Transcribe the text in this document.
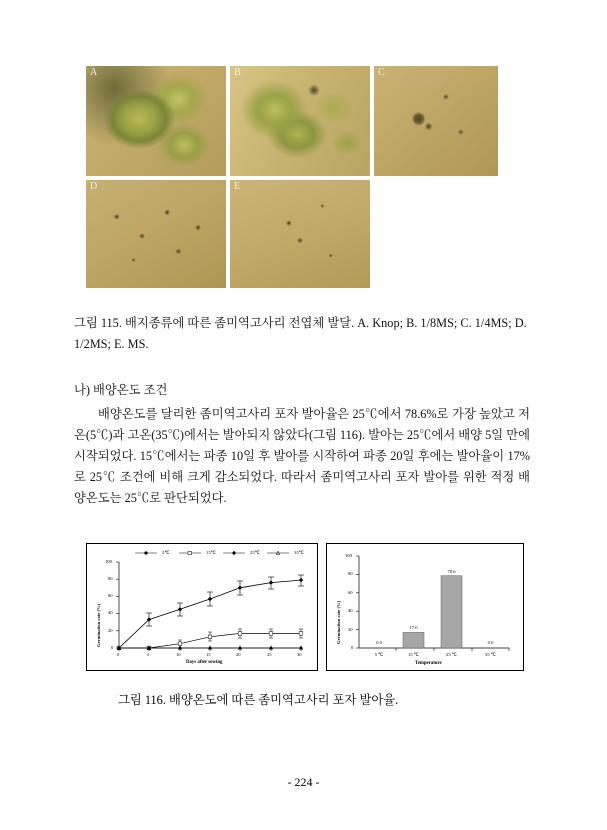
A	B	C
D	E
그림 115. 배지종류에 따른 좀미역고사리 전엽체 발달. A. Knop; B. 1/8MS; C. 1/4MS; D. 1/2MS; E. MS.
나) 배양온도 조건
배양온도를 달리한 좀미역고사리 포자 발아율은 25℃에서 78.6%로 가장 높았고 저온(5℃)과 고온(35℃)에서는 발아되지 않았다(그림 116). 발아는 25℃에서 배양 5일 만에 시작되었다. 15℃에서는 파종 10일 후 발아를 시작하여 파종 20일 후에는 발아율이 17%로 25℃ 조건에 비해 크게 감소되었다. 따라서 좀미역고사리 포자 발아를 위한 적정 배양온도는 25℃로 판단되었다.
5℃	15℃	25℃	35℃
Germination rate (%)
100
80
60
40
20
0
0	5	10	15	20	25	30
Days after sowing
Germination rate (%)
100
80
60
40
20
0
0.0
17.0
78.6
0.0
5 ℃	15 ℃	25 ℃	35 ℃
Temperature
그림 116. 배양온도에 따른 좀미역고사리 포자 발아율.
- 224 -
